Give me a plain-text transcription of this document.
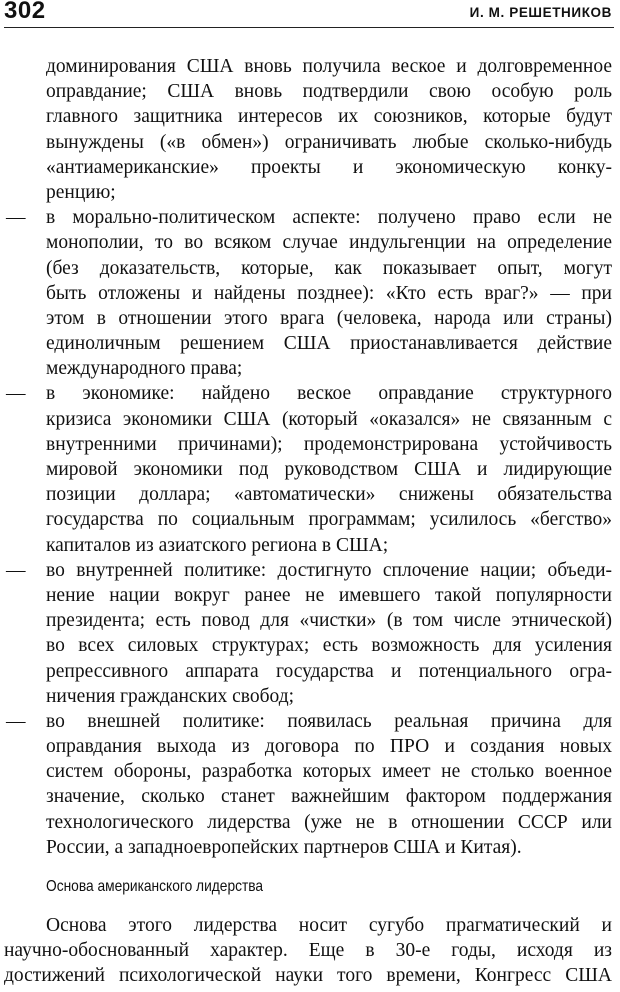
302	И. М. РЕШЕТНИКОВ
доминирования США вновь получила веское и долговременное
оправдание; США вновь подтвердили свою особую роль
главного защитника интересов их союзников, которые будут
вынуждены («в обмен») ограничивать любые сколько-нибудь
«антиамериканские» проекты и экономическую конку-
ренцию;
— в морально-политическом аспекте: получено право если не
монополии, то во всяком случае индульгенции на определение
(без доказательств, которые, как показывает опыт, могут
быть отложены и найдены позднее): «Кто есть враг?» — при
этом в отношении этого врага (человека, народа или страны)
единоличным решением США приостанавливается действие
международного права;
— в экономике: найдено веское оправдание структурного
кризиса экономики США (который «оказался» не связанным с
внутренними причинами); продемонстрирована устойчивость
мировой экономики под руководством США и лидирующие
позиции доллара; «автоматически» снижены обязательства
государства по социальным программам; усилилось «бегство»
капиталов из азиатского региона в США;
— во внутренней политике: достигнуто сплочение нации; объеди-
нение нации вокруг ранее не имевшего такой популярности
президента; есть повод для «чистки» (в том числе этнической)
во всех силовых структурах; есть возможность для усиления
репрессивного аппарата государства и потенциального огра-
ничения гражданских свобод;
— во внешней политике: появилась реальная причина для
оправдания выхода из договора по ПРО и создания новых
систем обороны, разработка которых имеет не столько военное
значение, сколько станет важнейшим фактором поддержания
технологического лидерства (уже не в отношении СССР или
России, а западноевропейских партнеров США и Китая).
Основа американского лидерства
Основа этого лидерства носит сугубо прагматический и
научно-обоснованный характер. Еще в 30-е годы, исходя из
достижений психологической науки того времени, Конгресс США
